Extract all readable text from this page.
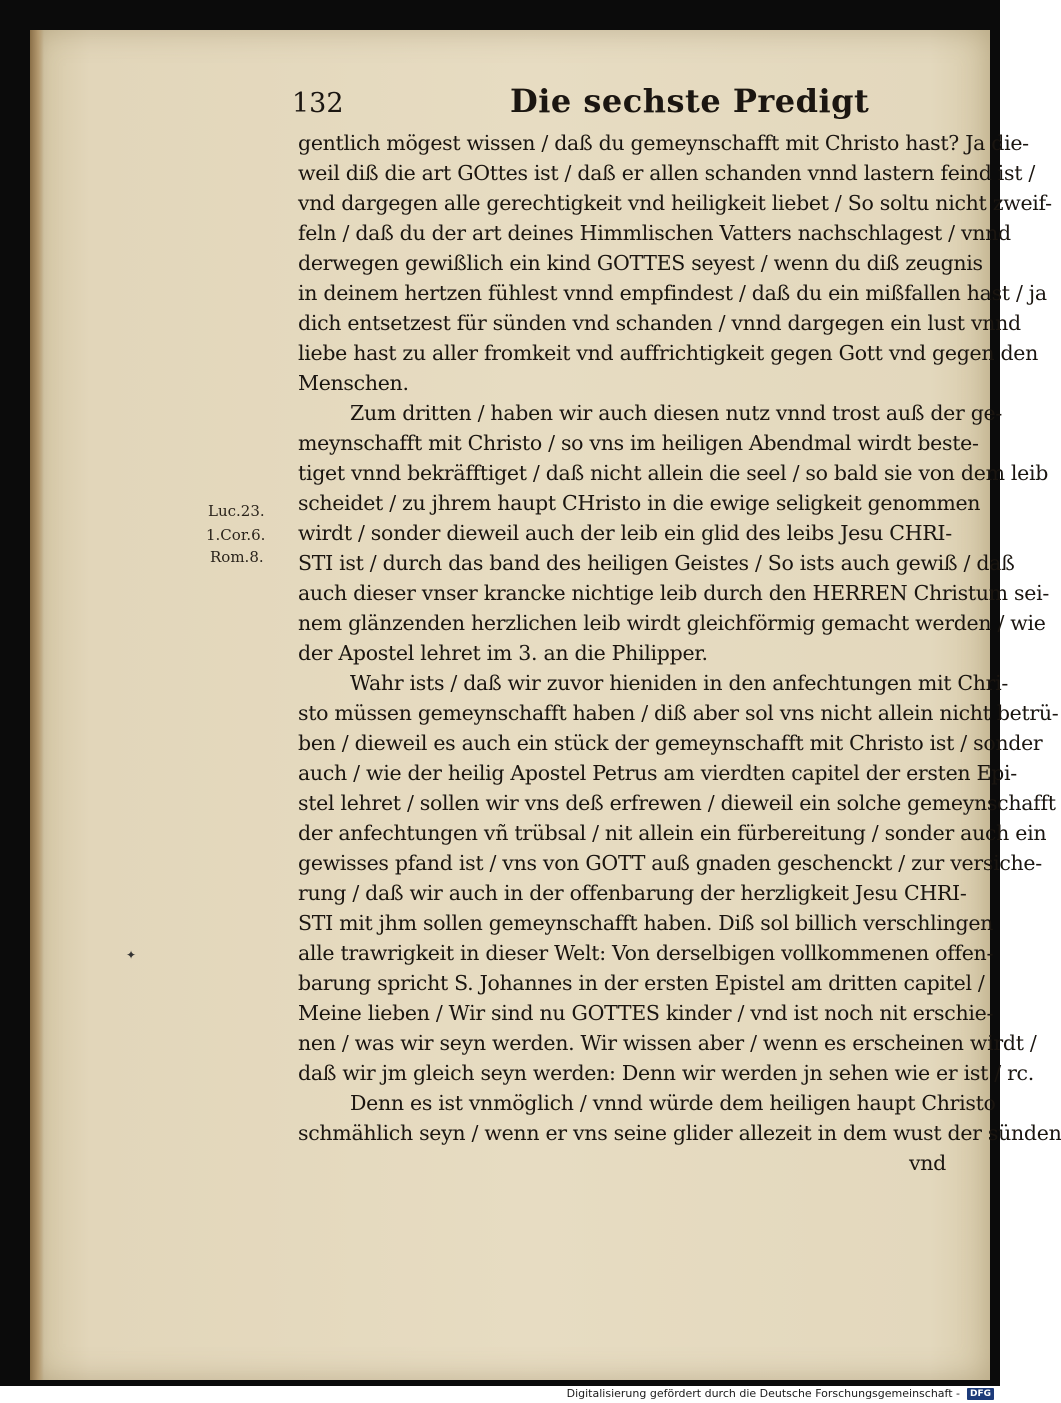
132	Die sechste Predigt
gentlich mögest wissen / daß du gemeynschafft mit Christo hast? Ja die-
weil diß die art GOttes ist / daß er allen schanden vnnd lastern feind ist /
vnd dargegen alle gerechtigkeit vnd heiligkeit liebet / So soltu nicht zweif-
feln / daß du der art deines Himmlischen Vatters nachschlagest / vnnd
derwegen gewißlich ein kind GOTTES seyest / wenn du diß zeugnis
in deinem hertzen fühlest vnnd empfindest / daß du ein mißfallen hast / ja
dich entsetzest für sünden vnd schanden / vnnd dargegen ein lust vnnd
liebe hast zu aller fromkeit vnd auffrichtigkeit gegen Gott vnd gegen den
Menschen.
Zum dritten / haben wir auch diesen nutz vnnd trost auß der ge-
meynschafft mit Christo / so vns im heiligen Abendmal wirdt beste-
tiget vnnd bekräfftiget / daß nicht allein die seel / so bald sie von dem leib
scheidet / zu jhrem haupt CHristo in die ewige seligkeit genommen
wirdt / sonder dieweil auch der leib ein glid des leibs Jesu CHRI-
STI ist / durch das band des heiligen Geistes / So ists auch gewiß / daß
auch dieser vnser krancke nichtige leib durch den HERREN Christum sei-
nem glänzenden herzlichen leib wirdt gleichförmig gemacht werden / wie
der Apostel lehret im 3. an die Philipper.
Wahr ists / daß wir zuvor hieniden in den anfechtungen mit Chri-
sto müssen gemeynschafft haben / diß aber sol vns nicht allein nicht betrü-
ben / dieweil es auch ein stück der gemeynschafft mit Christo ist / sonder
auch / wie der heilig Apostel Petrus am vierdten capitel der ersten Epi-
stel lehret / sollen wir vns deß erfrewen / dieweil ein solche gemeynschafft
der anfechtungen vñ trübsal / nit allein ein fürbereitung / sonder auch ein
gewisses pfand ist / vns von GOTT auß gnaden geschenckt / zur versiche-
rung / daß wir auch in der offenbarung der herzligkeit Jesu CHRI-
STI mit jhm sollen gemeynschafft haben. Diß sol billich verschlingen
alle trawrigkeit in dieser Welt: Von derselbigen vollkommenen offen-
barung spricht S. Johannes in der ersten Epistel am dritten capitel /
Meine lieben / Wir sind nu GOTTES kinder / vnd ist noch nit erschie-
nen / was wir seyn werden. Wir wissen aber / wenn es erscheinen wirdt /
daß wir jm gleich seyn werden: Denn wir werden jn sehen wie er ist / rc.
Denn es ist vnmöglich / vnnd würde dem heiligen haupt Christo
schmählich seyn / wenn er vns seine glider allezeit in dem wust der sünden
vnd
Luc.23.
1.Cor.6.
Rom.8.
✦
Digitalisierung gefördert durch die Deutsche Forschungsgemeinschaft -	DFG
